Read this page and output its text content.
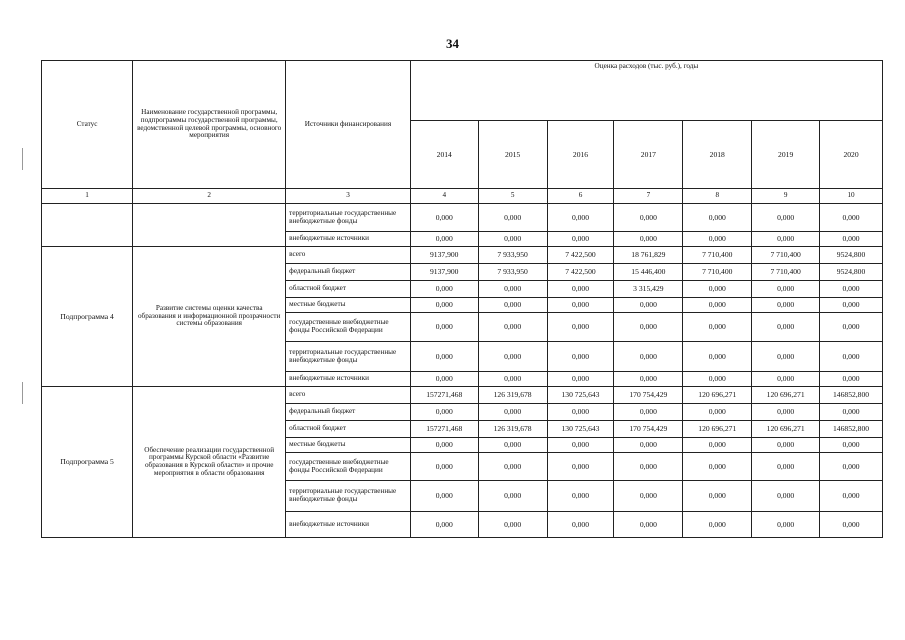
34
Статус	Наименование государственной программы, подпрограммы государственной программы, ведомственной целевой программы, основного мероприятия	Источники финансирования	Оценка расходов (тыс. руб.), годы						
			2014	2015	2016	2017	2018	2019	2020
1	2	3	4	5	6	7	8	9	10
		территориальные государственные внебюджетные фонды	0,000	0,000	0,000	0,000	0,000	0,000	0,000
		внебюджетные источники	0,000	0,000	0,000	0,000	0,000	0,000	0,000
Подпрограмма 4	Развитие системы оценки качества образования и информационной прозрачности системы образования	всего	9137,900	7 933,950	7 422,500	18 761,829	7 710,400	7 710,400	9524,800
		федеральный бюджет	9137,900	7 933,950	7 422,500	15 446,400	7 710,400	7 710,400	9524,800
		областной бюджет	0,000	0,000	0,000	3 315,429	0,000	0,000	0,000
		местные бюджеты	0,000	0,000	0,000	0,000	0,000	0,000	0,000
		государственные внебюджетные фонды Российской Федерации	0,000	0,000	0,000	0,000	0,000	0,000	0,000
		территориальные государственные внебюджетные фонды	0,000	0,000	0,000	0,000	0,000	0,000	0,000
		внебюджетные источники	0,000	0,000	0,000	0,000	0,000	0,000	0,000
Подпрограмма 5	Обеспечение реализации государственной программы Курской области «Развитие образования в Курской области» и прочие мероприятия в области образования	всего	157271,468	126 319,678	130 725,643	170 754,429	120 696,271	120 696,271	146852,800
		федеральный бюджет	0,000	0,000	0,000	0,000	0,000	0,000	0,000
		областной бюджет	157271,468	126 319,678	130 725,643	170 754,429	120 696,271	120 696,271	146852,800
		местные бюджеты	0,000	0,000	0,000	0,000	0,000	0,000	0,000
		государственные внебюджетные фонды Российской Федерации	0,000	0,000	0,000	0,000	0,000	0,000	0,000
		территориальные государственные внебюджетные фонды	0,000	0,000	0,000	0,000	0,000	0,000	0,000
		внебюджетные источники	0,000	0,000	0,000	0,000	0,000	0,000	0,000
